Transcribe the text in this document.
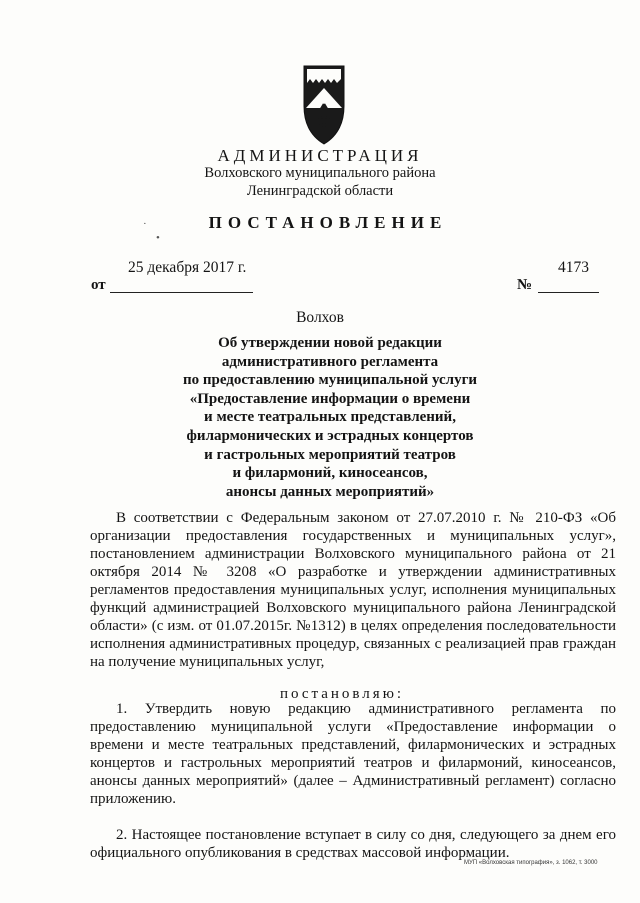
АДМИНИСТРАЦИЯ
Волховского муниципального района
Ленинградской области
·
•
ПОСТАНОВЛЕНИЕ
25 декабря 2017 г.	4173
от	№
Волхов
Об утверждении новой редакции
административного регламента
по предоставлению муниципальной услуги
«Предоставление информации о времени
и месте театральных представлений,
филармонических и эстрадных концертов
и гастрольных мероприятий театров
и филармоний, киносеансов,
анонсы данных мероприятий»

В соответствии с Федеральным законом от 27.07.2010 г. № 210-ФЗ «Об организации предоставления государственных и муниципальных услуг», постановлением администрации Волховского муниципального района от 21 октября 2014 № 3208 «О разработке и утверждении административных регламентов предоставления муниципальных услуг, исполнения муниципальных функций администрацией Волховского муниципального района Ленинградской области» (с изм. от 01.07.2015г. №1312) в целях определения последовательности исполнения административных процедур, связанных с реализацией прав граждан на получение муниципальных услуг,

постановляю:

1. Утвердить новую редакцию административного регламента по предоставлению муниципальной услуги «Предоставление информации о времени и месте театральных представлений, филармонических и эстрадных концертов и гастрольных мероприятий театров и филармоний, киносеансов, анонсы данных мероприятий» (далее – Административный регламент) согласно приложению.

2. Настоящее постановление вступает в силу со дня, следующего за днем его официального опубликования в средствах массовой информации.

МУП «Волховская типография», з. 1062, т. 3000
